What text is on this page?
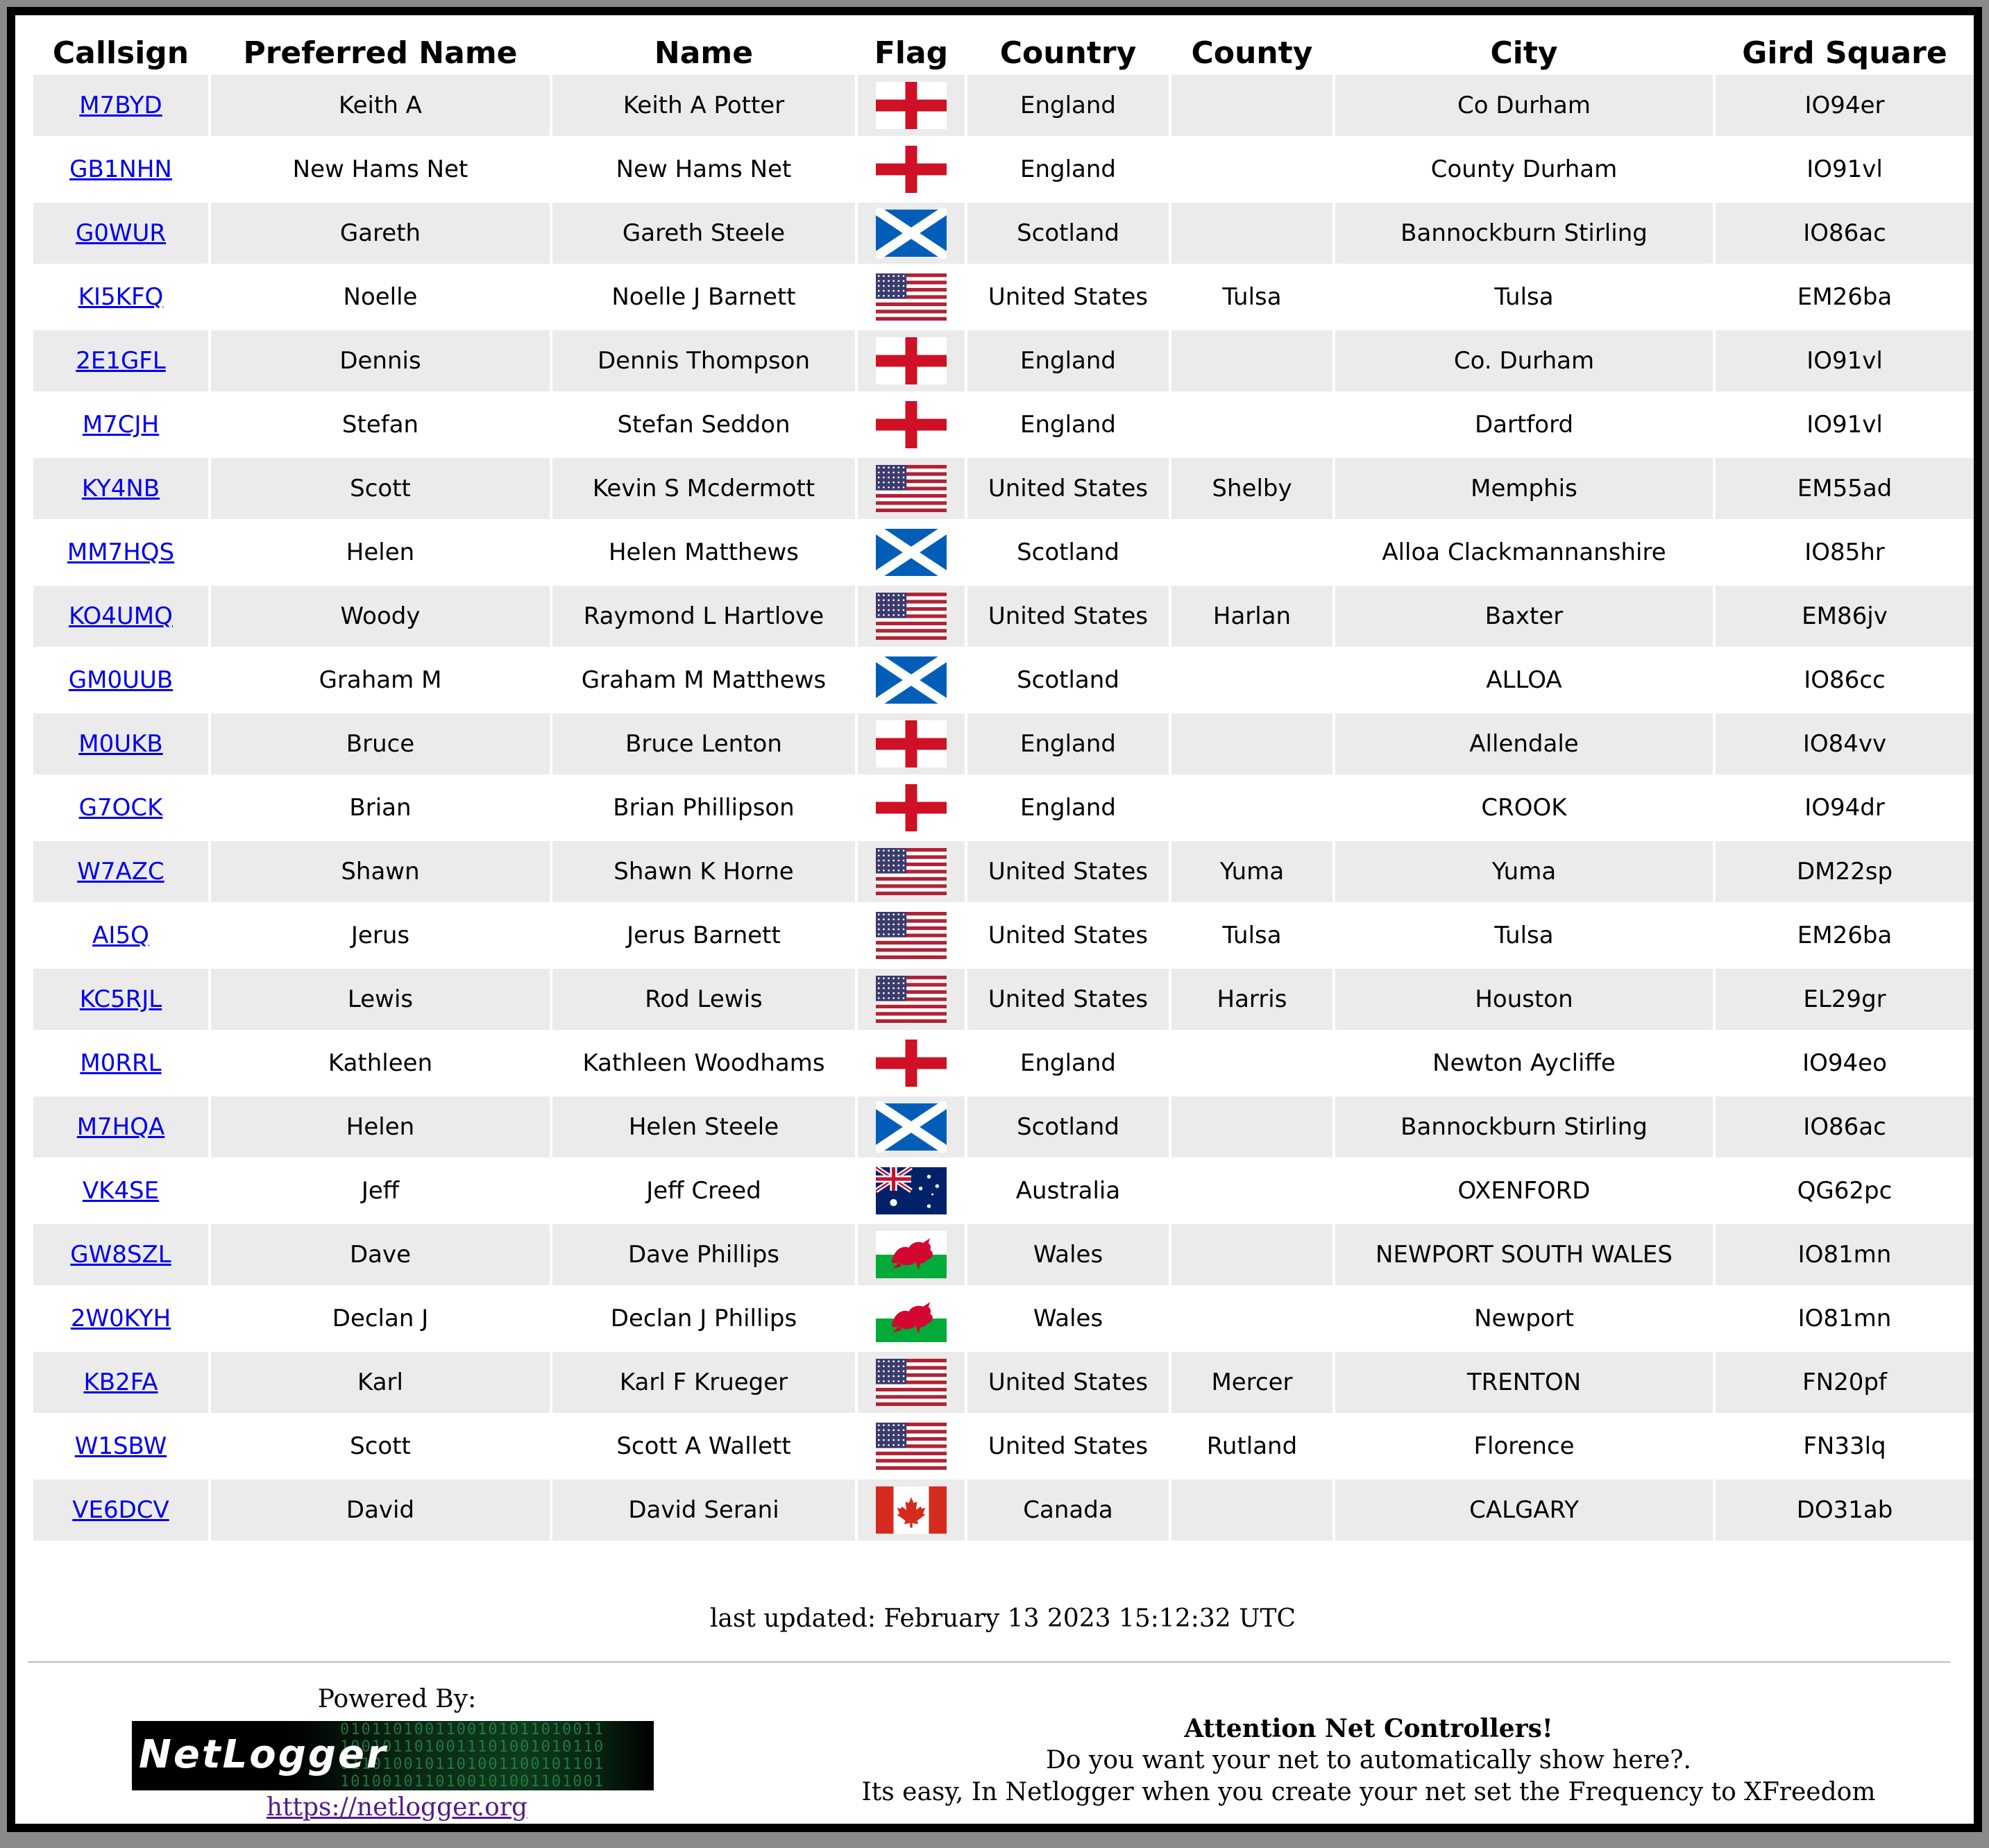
Callsign	Preferred Name	Name	Flag	Country	County	City	Gird Square
M7BYD	Keith A	Keith A Potter		England		Co Durham	IO94er
GB1NHN	New Hams Net	New Hams Net		England		County Durham	IO91vl
G0WUR	Gareth	Gareth Steele		Scotland		Bannockburn Stirling	IO86ac
KI5KFQ	Noelle	Noelle J Barnett		United States	Tulsa	Tulsa	EM26ba
2E1GFL	Dennis	Dennis Thompson		England		Co. Durham	IO91vl
M7CJH	Stefan	Stefan Seddon		England		Dartford	IO91vl
KY4NB	Scott	Kevin S Mcdermott		United States	Shelby	Memphis	EM55ad
MM7HQS	Helen	Helen Matthews		Scotland		Alloa Clackmannanshire	IO85hr
KO4UMQ	Woody	Raymond L Hartlove		United States	Harlan	Baxter	EM86jv
GM0UUB	Graham M	Graham M Matthews		Scotland		ALLOA	IO86cc
M0UKB	Bruce	Bruce Lenton		England		Allendale	IO84vv
G7OCK	Brian	Brian Phillipson		England		CROOK	IO94dr
W7AZC	Shawn	Shawn K Horne		United States	Yuma	Yuma	DM22sp
AI5Q	Jerus	Jerus Barnett		United States	Tulsa	Tulsa	EM26ba
KC5RJL	Lewis	Rod Lewis		United States	Harris	Houston	EL29gr
M0RRL	Kathleen	Kathleen Woodhams		England		Newton Aycliffe	IO94eo
M7HQA	Helen	Helen Steele		Scotland		Bannockburn Stirling	IO86ac
VK4SE	Jeff	Jeff Creed		Australia		OXENFORD	QG62pc
GW8SZL	Dave	Dave Phillips		Wales		NEWPORT SOUTH WALES	IO81mn
2W0KYH	Declan J	Declan J Phillips		Wales		Newport	IO81mn
KB2FA	Karl	Karl F Krueger		United States	Mercer	TRENTON	FN20pf
W1SBW	Scott	Scott A Wallett		United States	Rutland	Florence	FN33lq
VE6DCV	David	David Serani		Canada		CALGARY	DO31ab
last updated: February 13 2023 15:12:32 UTC
Powered By:
0101101001100101011010011
1001011010011101001010110
0110100101101001100101101
1010010110100101001101001
NetLogger
https://netlogger.org
Attention Net Controllers!
Do you want your net to automatically show here?.
Its easy, In Netlogger when you create your net set the Frequency to XFreedom
